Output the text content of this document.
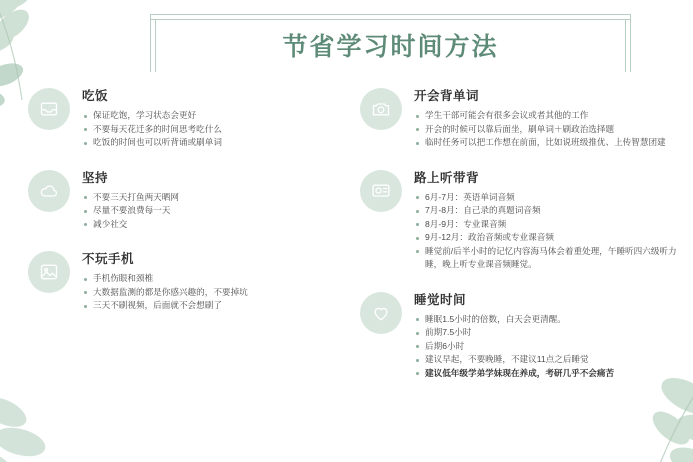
节省学习时间方法
吃饭
保证吃饱，学习状态会更好
不要每天花迁多的时间思考吃什么
吃饭的时间也可以听背诵或刷单词
坚持
不要三天打鱼两天晒网
尽量不要浪费每一天
减少社交
不玩手机
手机伤眼和颈椎
大数据监测的都是你感兴趣的，不要掉坑
三天不刷视频，后面就不会想刷了
开会背单词
学生干部可能会有很多会议或者其他的工作
开会的时候可以靠后面坐，刷单词＋刷政治选择题
临时任务可以把工作想在前面，比如说班级推优、上传智慧团建
路上听带背
6月-7月：英语单词音频
7月-8月：自己录的真题词音频
8月-9月：专业课音频
9月-12月：政治音频或专业课音频
睡觉前/后半小时的记忆内容海马体会着重处理，午睡听四六级听力睡，晚上听专业课音频睡觉。
睡觉时间
睡眠1.5小时的倍数，白天会更清醒。
前期7.5小时
后期6小时
建议早起，不要晚睡，不建议11点之后睡觉
建议低年级学弟学妹现在养成，考研几乎不会痛苦
